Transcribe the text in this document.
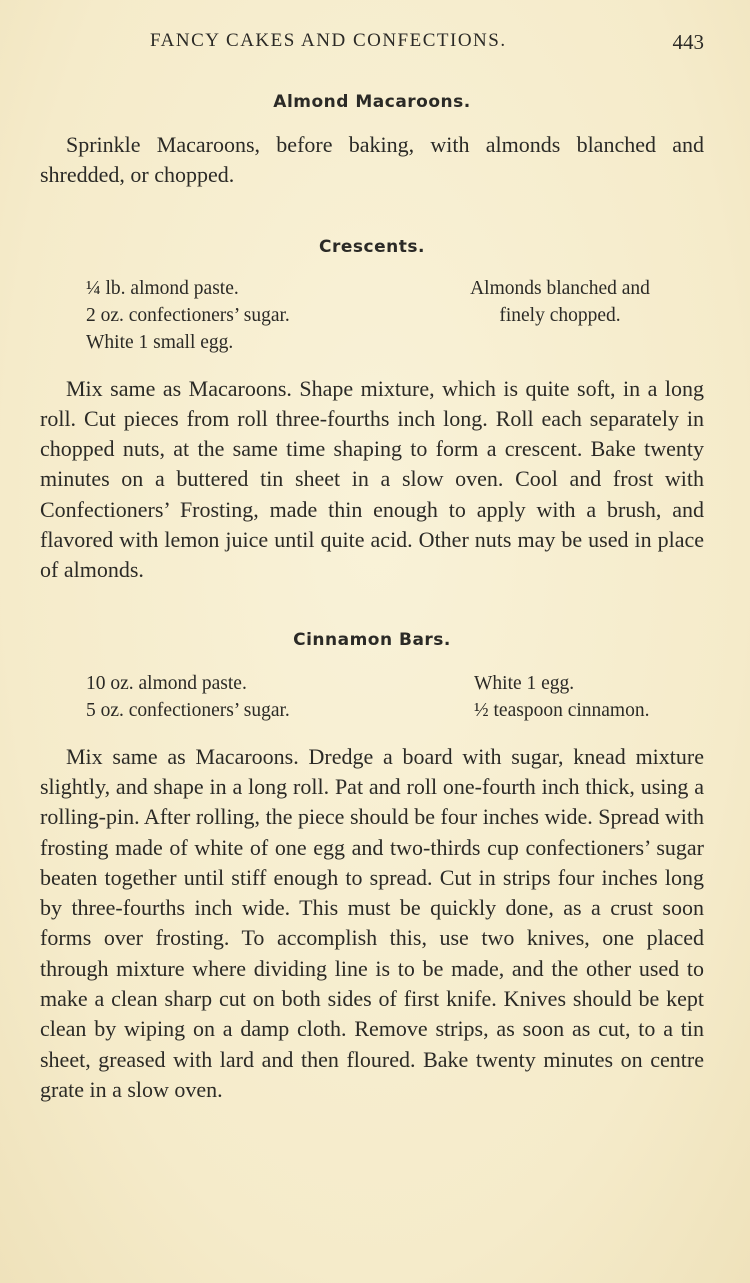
FANCY CAKES AND CONFECTIONS.	443
Almond Macaroons.

Sprinkle Macaroons, before baking, with almonds blanched and shredded, or chopped.

Crescents.
¼ lb. almond paste.
2 oz. confectioners’ sugar.
White 1 small egg.
Almonds blanched and
finely chopped.

Mix same as Macaroons. Shape mixture, which is quite soft, in a long roll. Cut pieces from roll three-fourths inch long. Roll each separately in chopped nuts, at the same time shaping to form a crescent. Bake twenty minutes on a buttered tin sheet in a slow oven. Cool and frost with Confectioners’ Frosting, made thin enough to apply with a brush, and flavored with lemon juice until quite acid. Other nuts may be used in place of almonds.

Cinnamon Bars.
10 oz. almond paste.
5 oz. confectioners’ sugar.
White 1 egg.
½ teaspoon cinnamon.

Mix same as Macaroons. Dredge a board with sugar, knead mixture slightly, and shape in a long roll. Pat and roll one-fourth inch thick, using a rolling-pin. After rolling, the piece should be four inches wide. Spread with frosting made of white of one egg and two-thirds cup confectioners’ sugar beaten together until stiff enough to spread. Cut in strips four inches long by three-fourths inch wide. This must be quickly done, as a crust soon forms over frosting. To accomplish this, use two knives, one placed through mixture where dividing line is to be made, and the other used to make a clean sharp cut on both sides of first knife. Knives should be kept clean by wiping on a damp cloth. Remove strips, as soon as cut, to a tin sheet, greased with lard and then floured. Bake twenty minutes on centre grate in a slow oven.
